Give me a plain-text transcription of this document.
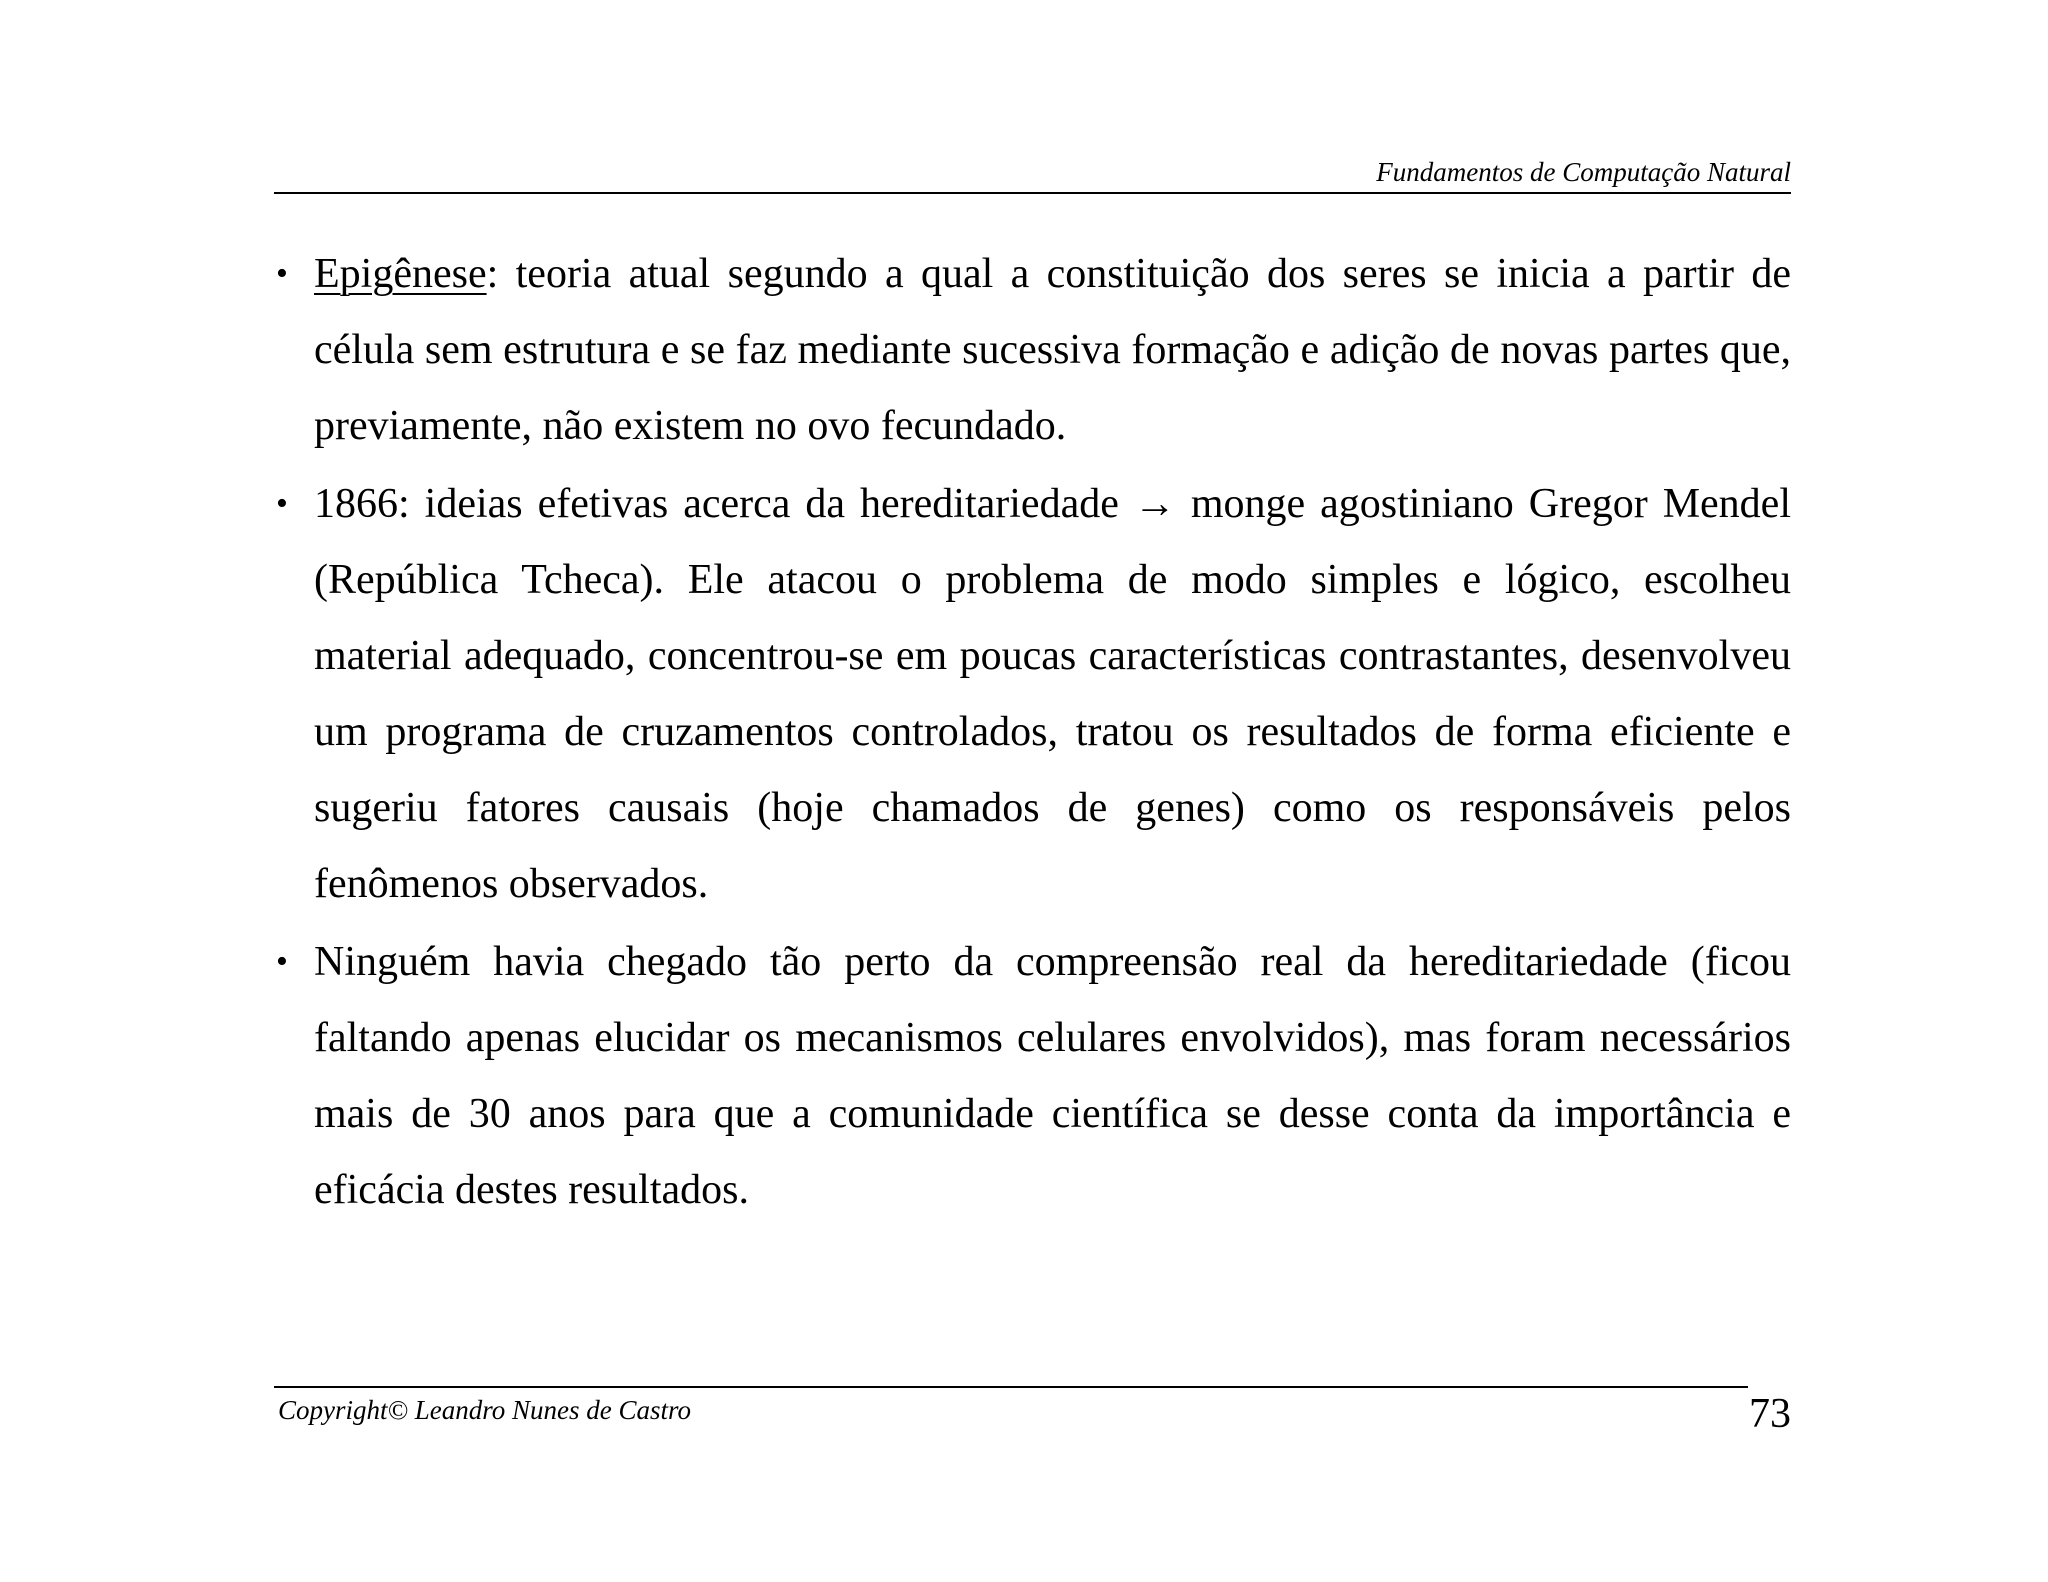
Fundamentos de Computação Natural
• Epigênese: teoria atual segundo a qual a constituição dos seres se inicia a partir de célula sem estrutura e se faz mediante sucessiva formação e adição de novas partes que, previamente, não existem no ovo fecundado.
• 1866: ideias efetivas acerca da hereditariedade → monge agostiniano Gregor Mendel (República Tcheca). Ele atacou o problema de modo simples e lógico, escolheu material adequado, concentrou-se em poucas características contrastantes, desenvolveu um programa de cruzamentos controlados, tratou os resultados de forma eficiente e sugeriu fatores causais (hoje chamados de genes) como os responsáveis pelos fenômenos observados.
• Ninguém havia chegado tão perto da compreensão real da hereditariedade (ficou faltando apenas elucidar os mecanismos celulares envolvidos), mas foram necessários mais de 30 anos para que a comunidade científica se desse conta da importância e eficácia destes resultados.
Copyright© Leandro Nunes de Castro	73
